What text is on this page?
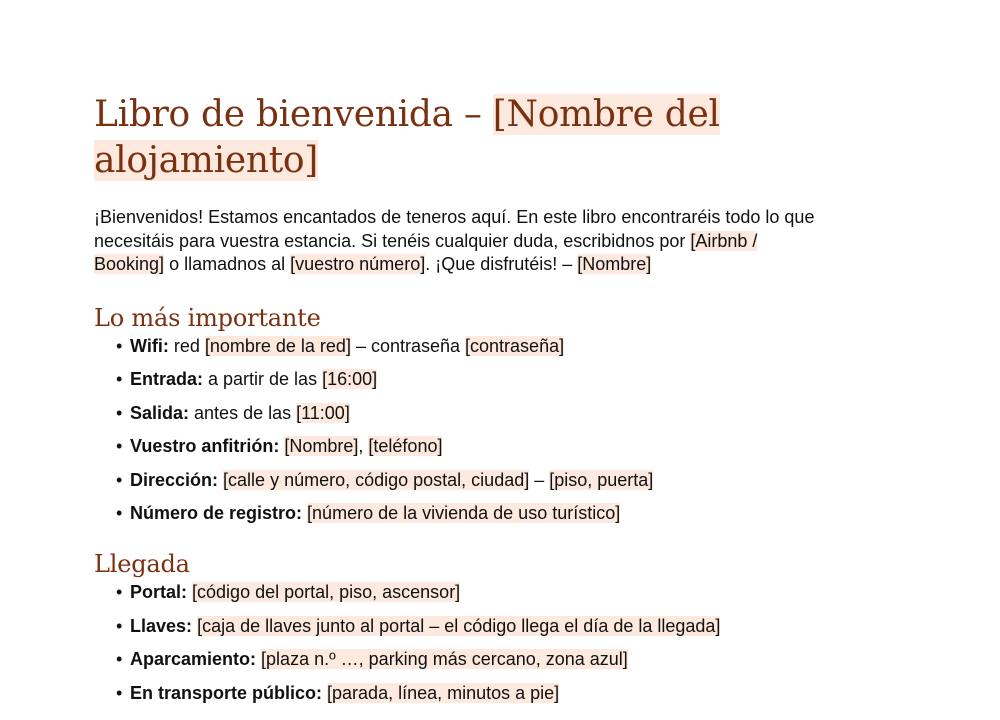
Libro de bienvenida – [Nombre del
alojamiento]

¡Bienvenidos! Estamos encantados de teneros aquí. En este libro encontraréis todo lo que
necesitáis para vuestra estancia. Si tenéis cualquier duda, escribidnos por [Airbnb /
Booking] o llamadnos al [vuestro número]. ¡Que disfrutéis! – [Nombre]

Lo más importante
• Wifi: red [nombre de la red] – contraseña [contraseña]
• Entrada: a partir de las [16:00]
• Salida: antes de las [11:00]
• Vuestro anfitrión: [Nombre], [teléfono]
• Dirección: [calle y número, código postal, ciudad] – [piso, puerta]
• Número de registro: [número de la vivienda de uso turístico]
Llegada
• Portal: [código del portal, piso, ascensor]
• Llaves: [caja de llaves junto al portal – el código llega el día de la llegada]
• Aparcamiento: [plaza n.º …, parking más cercano, zona azul]
• En transporte público: [parada, línea, minutos a pie]
